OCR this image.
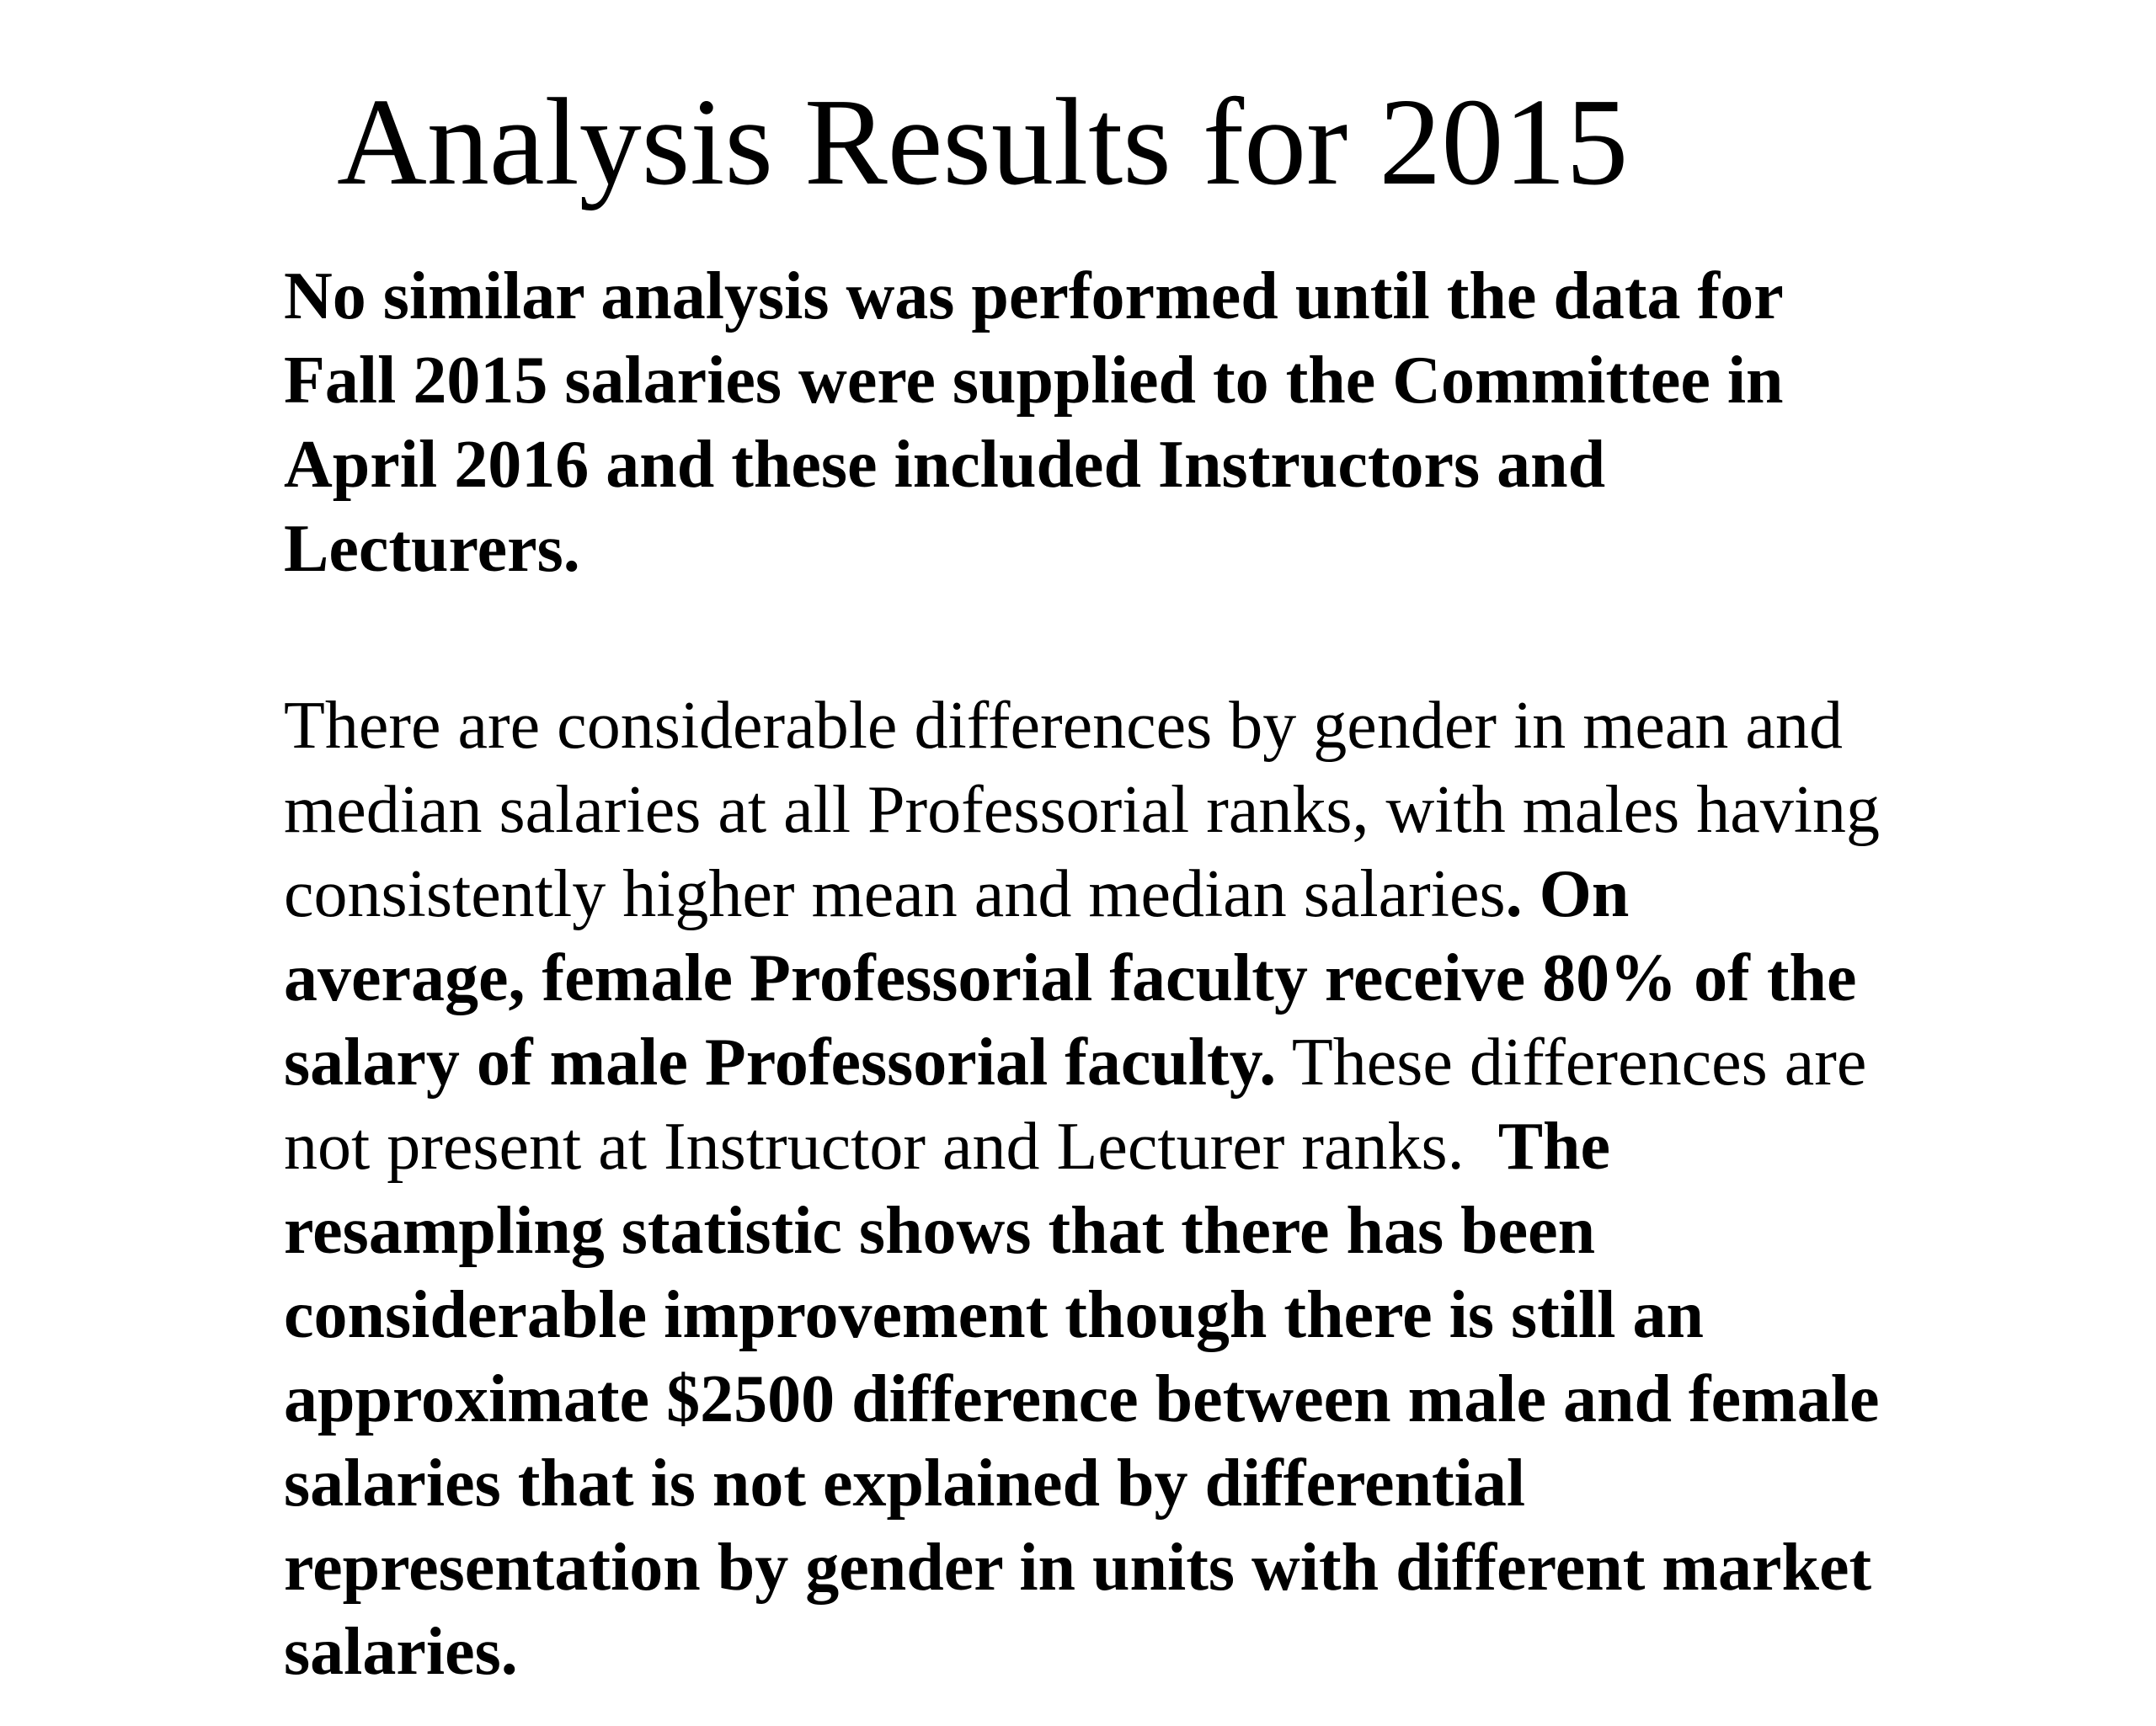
Analysis Results for 2015

No similar analysis was performed until the data for
Fall 2015 salaries were supplied to the Committee in
April 2016 and these included Instructors and
Lecturers.

There are considerable differences by gender in mean and
median salaries at all Professorial ranks, with males having
consistently higher mean and median salaries. On
average, female Professorial faculty receive 80% of the
salary of male Professorial faculty. These differences are
not present at Instructor and Lecturer ranks.  The
resampling statistic shows that there has been
considerable improvement though there is still an
approximate $2500 difference between male and female
salaries that is not explained by differential
representation by gender in units with different market
salaries.
